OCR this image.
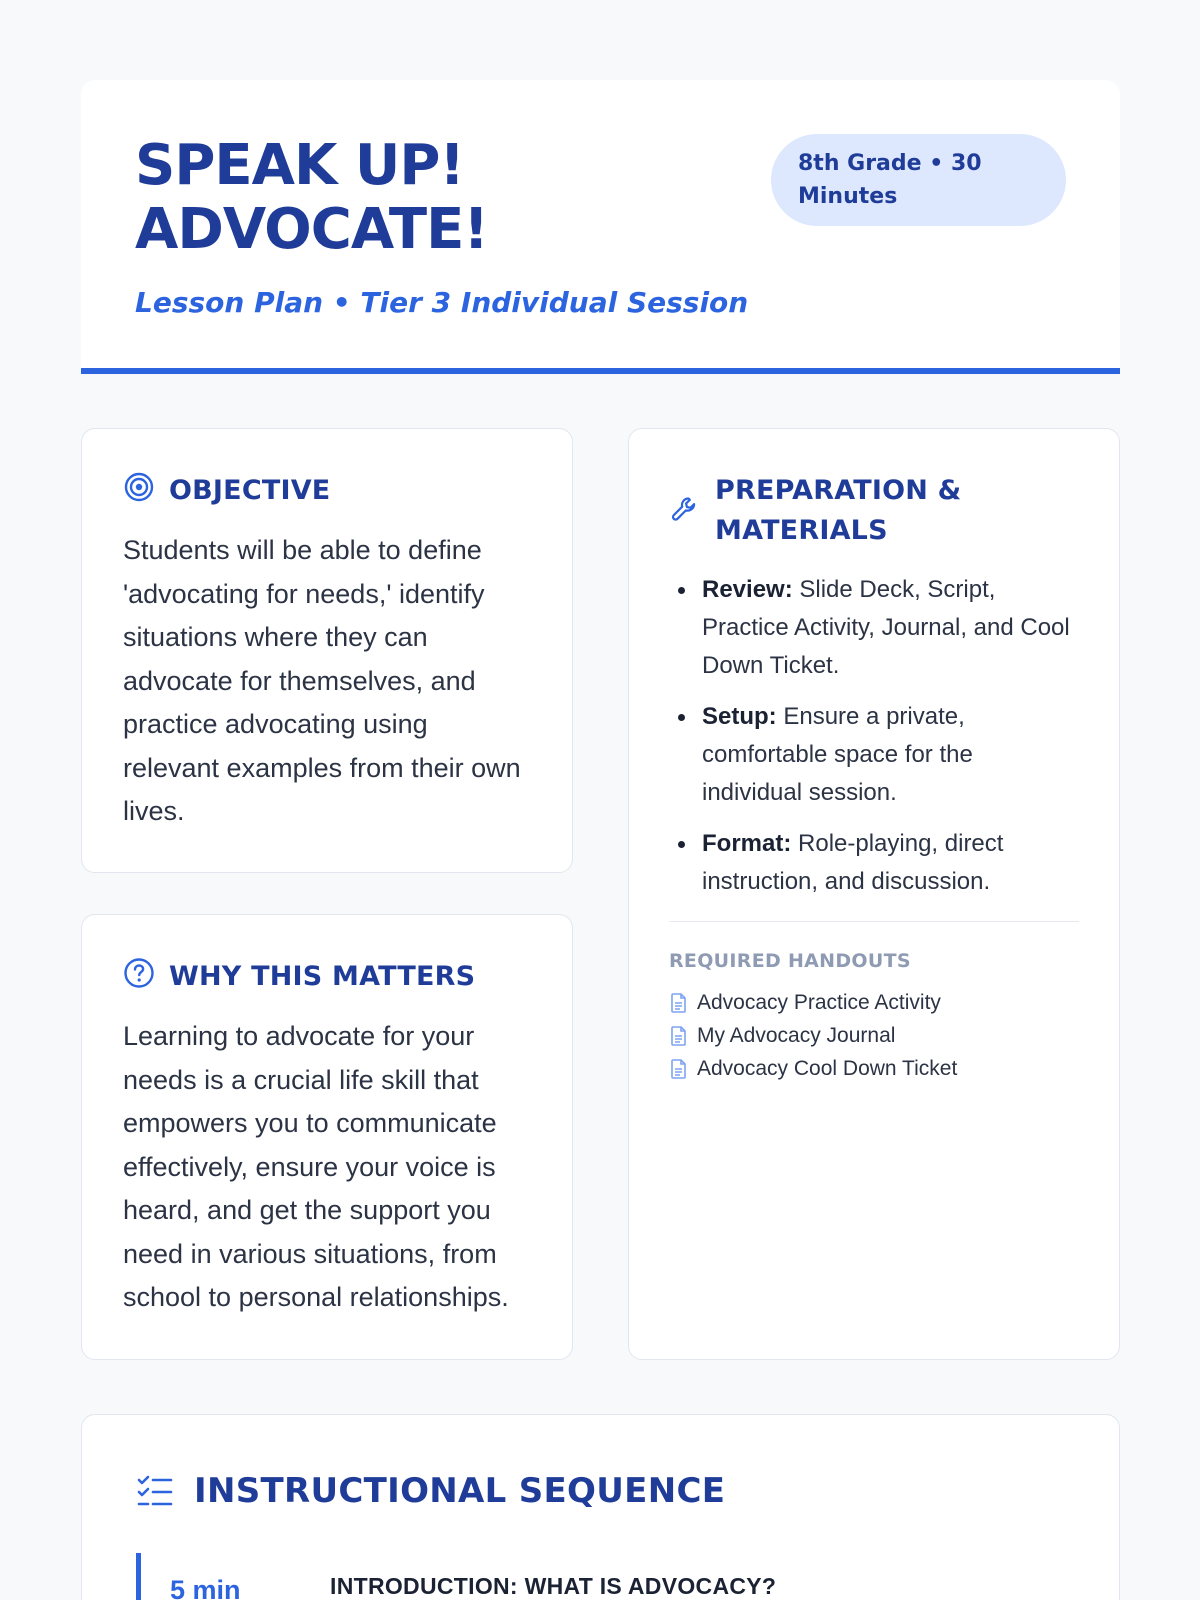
SPEAK UP! ADVOCATE!
Lesson Plan • Tier 3 Individual Session
8th Grade • 30 Minutes
OBJECTIVE

Students will be able to define 'advocating for needs,' identify situations where they can advocate for themselves, and practice advocating using relevant examples from their own lives.

WHY THIS MATTERS

Learning to advocate for your needs is a crucial life skill that empowers you to communicate effectively, ensure your voice is heard, and get the support you need in various situations, from school to personal relationships.

PREPARATION & MATERIALS
Review: Slide Deck, Script, Practice Activity, Journal, and Cool Down Ticket.
Setup: Ensure a private, comfortable space for the individual session.
Format: Role-playing, direct instruction, and discussion.
REQUIRED HANDOUTS
Advocacy Practice Activity
My Advocacy Journal
Advocacy Cool Down Ticket
INSTRUCTIONAL SEQUENCE
5 min	INTRODUCTION: WHAT IS ADVOCACY?
